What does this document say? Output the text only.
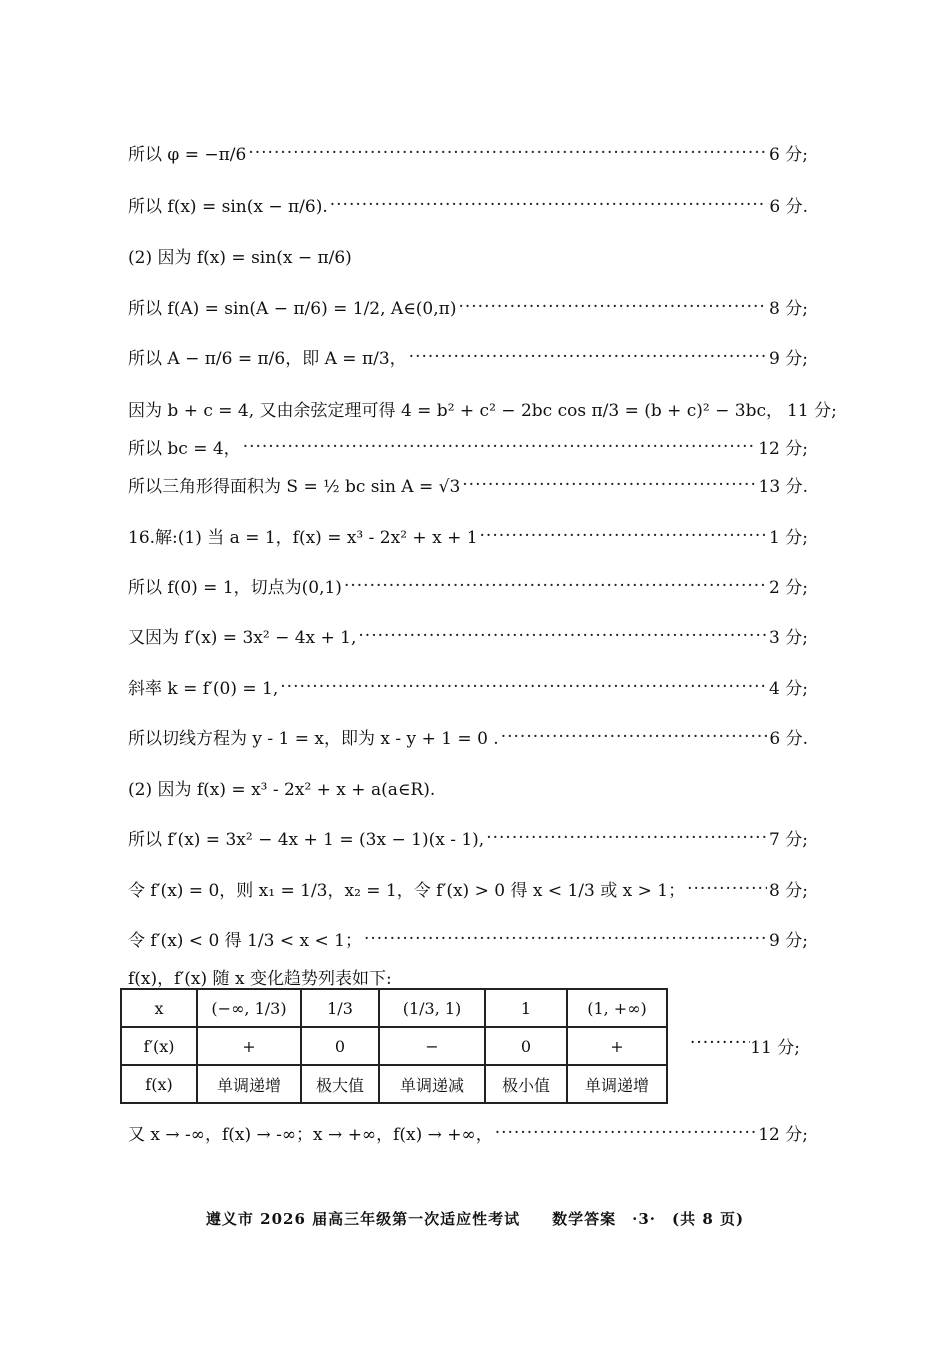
所以 φ = −π/6 ·····	6 分;
所以 f(x) = sin(x − π/6). ·····	6 分.
(2) 因为 f(x) = sin(x − π/6)
所以 f(A) = sin(A − π/6) = 1/2, A∈(0,π) ·····	8 分;
所以 A − π/6 = π/6，即 A = π/3， ·····	9 分;
因为 b + c = 4, 又由余弦定理可得 4 = b² + c² − 2bc cos π/3 = (b + c)² − 3bc， 11 分;
所以 bc = 4， ·····	12 分;
所以三角形得面积为 S = ½ bc sin A = √3 ·····	13 分.
16.解:(1) 当 a = 1，f(x) = x³ - 2x² + x + 1 ·····	1 分;
所以 f(0) = 1，切点为(0,1) ·····	2 分;
又因为 f′(x) = 3x² − 4x + 1, ·····	3 分;
斜率 k = f′(0) = 1, ·····	4 分;
所以切线方程为 y - 1 = x，即为 x - y + 1 = 0 . ·····	6 分.
(2) 因为 f(x) = x³ - 2x² + x + a(a∈R).
所以 f′(x) = 3x² − 4x + 1 = (3x − 1)(x - 1), ·····	7 分;
令 f′(x) = 0，则 x₁ = 1/3，x₂ = 1，令 f′(x) > 0 得 x < 1/3 或 x > 1； ·····	8 分;
令 f′(x) < 0 得 1/3 < x < 1； ·····	9 分;
f(x)，f′(x) 随 x 变化趋势列表如下:
x	(−∞, 1/3)	1/3	(1/3, 1)	1	(1, +∞)
f′(x)	+	0	−	0	+
f(x)	单调递增	极大值	单调递减	极小值	单调递增
·····
11 分;
又 x → -∞，f(x) → -∞；x → +∞，f(x) → +∞， ·····	12 分;
遵义市 2026 届高三年级第一次适应性考试　　数学答案　·3·　(共 8 页)
